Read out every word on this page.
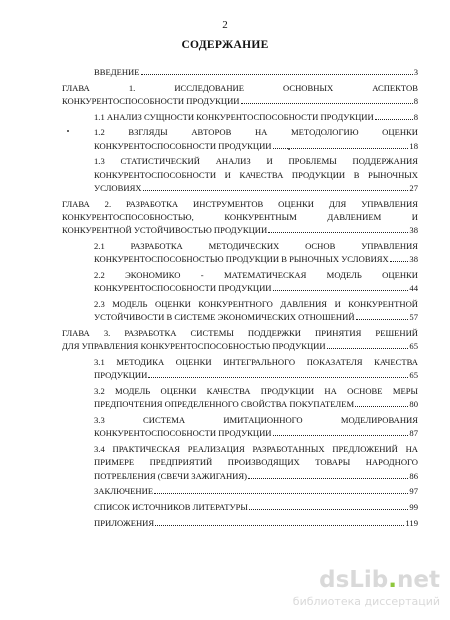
2
СОДЕРЖАНИЕ
ВВЕДЕНИЕ	3
ГЛАВА 1. ИССЛЕДОВАНИЕ ОСНОВНЫХ АСПЕКТОВ
КОНКУРЕНТОСПОСОБНОСТИ ПРОДУКЦИИ	8
1.1 АНАЛИЗ СУЩНОСТИ КОНКУРЕНТОСПОСОБНОСТИ ПРОДУКЦИИ	8
1.2 ВЗГЛЯДЫ АВТОРОВ НА МЕТОДОЛОГИЮ ОЦЕНКИ
КОНКУРЕНТОСПОСОБНОСТИ ПРОДУКЦИИ	18
1.3 СТАТИСТИЧЕСКИЙ АНАЛИЗ И ПРОБЛЕМЫ ПОДДЕРЖАНИЯ
КОНКУРЕНТОСПОСОБНОСТИ И КАЧЕСТВА ПРОДУКЦИИ В РЫНОЧНЫХ
УСЛОВИЯХ	27
ГЛАВА 2. РАЗРАБОТКА ИНСТРУМЕНТОВ ОЦЕНКИ ДЛЯ УПРАВЛЕНИЯ
КОНКУРЕНТОСПОСОБНОСТЬЮ, КОНКУРЕНТНЫМ ДАВЛЕНИЕМ И
КОНКУРЕНТНОЙ УСТОЙЧИВОСТЬЮ ПРОДУКЦИИ	38
2.1 РАЗРАБОТКА МЕТОДИЧЕСКИХ ОСНОВ УПРАВЛЕНИЯ
КОНКУРЕНТОСПОСОБНОСТЬЮ ПРОДУКЦИИ В РЫНОЧНЫХ УСЛОВИЯХ 38
2.2 ЭКОНОМИКО - МАТЕМАТИЧЕСКАЯ МОДЕЛЬ ОЦЕНКИ
КОНКУРЕНТОСПОСОБНОСТИ ПРОДУКЦИИ	44
2.3 МОДЕЛЬ ОЦЕНКИ КОНКУРЕНТНОГО ДАВЛЕНИЯ И КОНКУРЕНТНОЙ
УСТОЙЧИВОСТИ В СИСТЕМЕ ЭКОНОМИЧЕСКИХ ОТНОШЕНИЙ	57
ГЛАВА 3. РАЗРАБОТКА СИСТЕМЫ ПОДДЕРЖКИ ПРИНЯТИЯ РЕШЕНИЙ
ДЛЯ УПРАВЛЕНИЯ КОНКУРЕНТОСПОСОБНОСТЬЮ ПРОДУКЦИИ	65
3.1 МЕТОДИКА ОЦЕНКИ ИНТЕГРАЛЬНОГО ПОКАЗАТЕЛЯ КАЧЕСТВА
ПРОДУКЦИИ	65
3.2 МОДЕЛЬ ОЦЕНКИ КАЧЕСТВА ПРОДУКЦИИ НА ОСНОВЕ МЕРЫ
ПРЕДПОЧТЕНИЯ ОПРЕДЕЛЕННОГО СВОЙСТВА ПОКУПАТЕЛЕМ	80
3.3 СИСТЕМА ИМИТАЦИОННОГО МОДЕЛИРОВАНИЯ
КОНКУРЕНТОСПОСОБНОСТИ ПРОДУКЦИИ	87
3.4 ПРАКТИЧЕСКАЯ РЕАЛИЗАЦИЯ РАЗРАБОТАННЫХ ПРЕДЛОЖЕНИЙ НА
ПРИМЕРЕ ПРЕДПРИЯТИЙ ПРОИЗВОДЯЩИХ ТОВАРЫ НАРОДНОГО
ПОТРЕБЛЕНИЯ (СВЕЧИ ЗАЖИГАНИЯ)	86
ЗАКЛЮЧЕНИЕ	97
СПИСОК ИСТОЧНИКОВ ЛИТЕРАТУРЫ	99
ПРИЛОЖЕНИЯ	119
dsLib.net
библиотека диссертаций
